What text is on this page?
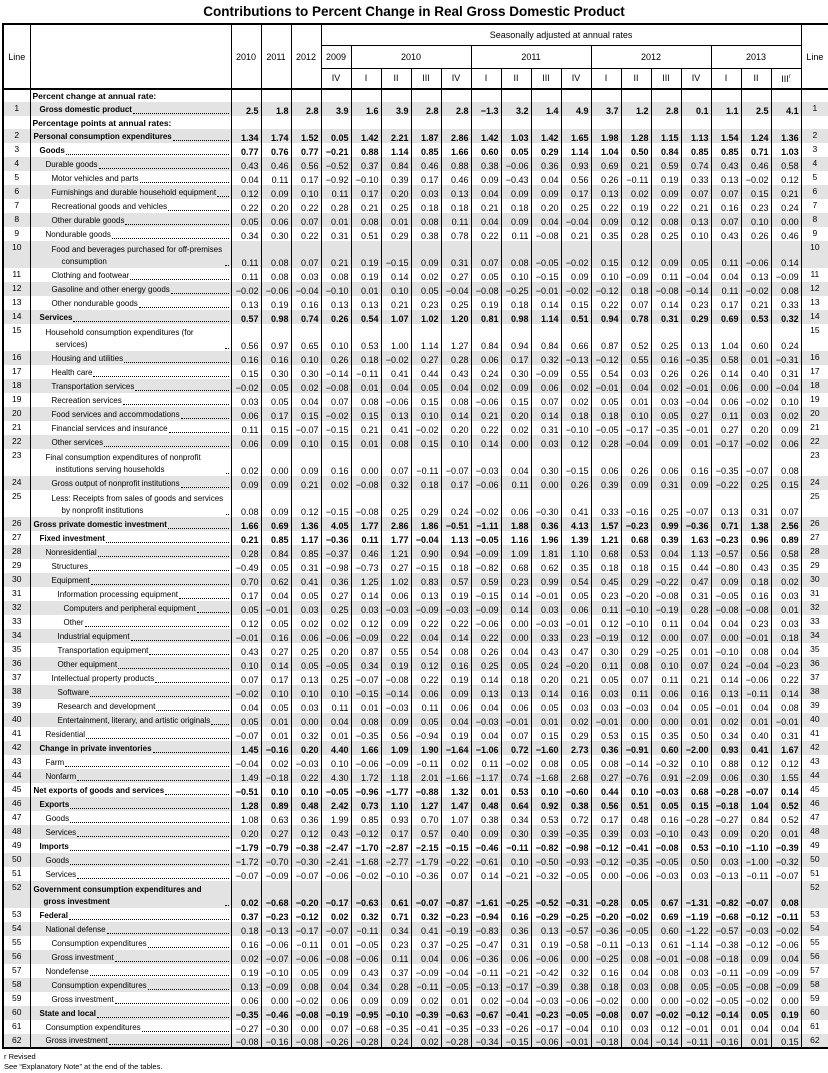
Contributions to Percent Change in Real Gross Domestic Product
Line		2010	2011	2012	Seasonally adjusted at annual rates																Line
					2009	2010				2011				2012				2013			
					IV	I	II	III	IV	I	II	III	IV	I	II	III	IV	I	II	III$^r$

	Percent change at annual rate:																				

1	Gross domestic product	2.5	1.8	2.8	3.9	1.6	3.9	2.8	2.8	−1.3	3.2	1.4	4.9	3.7	1.2	2.8	0.1	1.1	2.5	4.1	1

	Percentage points at annual rates:																				

2	Personal consumption expenditures	1.34	1.74	1.52	0.05	1.42	2.21	1.87	2.86	1.42	1.03	1.42	1.65	1.98	1.28	1.15	1.13	1.54	1.24	1.36	2
3	Goods	0.77	0.76	0.77	−0.21	0.88	1.14	0.85	1.66	0.60	0.05	0.29	1.14	1.04	0.50	0.84	0.85	0.85	0.71	1.03	3
4	Durable goods	0.43	0.46	0.56	−0.52	0.37	0.84	0.46	0.88	0.38	−0.06	0.36	0.93	0.69	0.21	0.59	0.74	0.43	0.46	0.58	4
5	Motor vehicles and parts	0.04	0.11	0.17	−0.92	−0.10	0.39	0.17	0.46	0.09	−0.43	0.04	0.56	0.26	−0.11	0.19	0.33	0.13	−0.02	0.12	5
6	Furnishings and durable household equipment	0.12	0.09	0.10	0.11	0.17	0.20	0.03	0.13	0.04	0.09	0.09	0.17	0.13	0.02	0.09	0.07	0.07	0.15	0.21	6
7	Recreational goods and vehicles	0.22	0.20	0.22	0.28	0.21	0.25	0.18	0.18	0.21	0.18	0.20	0.25	0.22	0.19	0.22	0.21	0.16	0.23	0.24	7
8	Other durable goods	0.05	0.06	0.07	0.01	0.08	0.01	0.08	0.11	0.04	0.09	0.04	−0.04	0.09	0.12	0.08	0.13	0.07	0.10	0.00	8
9	Nondurable goods	0.34	0.30	0.22	0.31	0.51	0.29	0.38	0.78	0.22	0.11	−0.08	0.21	0.35	0.28	0.25	0.10	0.43	0.26	0.46	9
10	Food and beverages purchased for off-premises consumption	0.11	0.08	0.07	0.21	0.19	−0.15	0.09	0.31	0.07	0.08	−0.05	−0.02	0.15	0.12	0.09	0.05	0.11	−0.06	0.14	10
11	Clothing and footwear	0.11	0.08	0.03	0.08	0.19	0.14	0.02	0.27	0.05	0.10	−0.15	0.09	0.10	−0.09	0.11	−0.04	0.04	0.13	−0.09	11
12	Gasoline and other energy goods	−0.02	−0.06	−0.04	−0.10	0.01	0.10	0.05	−0.04	−0.08	−0.25	−0.01	−0.02	−0.12	0.18	−0.08	−0.14	0.11	−0.02	0.08	12
13	Other nondurable goods	0.13	0.19	0.16	0.13	0.13	0.21	0.23	0.25	0.19	0.18	0.14	0.15	0.22	0.07	0.14	0.23	0.17	0.21	0.33	13
14	Services	0.57	0.98	0.74	0.26	0.54	1.07	1.02	1.20	0.81	0.98	1.14	0.51	0.94	0.78	0.31	0.29	0.69	0.53	0.32	14
15	Household consumption expenditures (for services)	0.56	0.97	0.65	0.10	0.53	1.00	1.14	1.27	0.84	0.94	0.84	0.66	0.87	0.52	0.25	0.13	1.04	0.60	0.24	15
16	Housing and utilities	0.16	0.16	0.10	0.26	0.18	−0.02	0.27	0.28	0.06	0.17	0.32	−0.13	−0.12	0.55	0.16	−0.35	0.58	0.01	−0.31	16
17	Health care	0.15	0.30	0.30	−0.14	−0.11	0.41	0.44	0.43	0.24	0.30	−0.09	0.55	0.54	0.03	0.26	0.26	0.14	0.40	0.31	17
18	Transportation services	−0.02	0.05	0.02	−0.08	0.01	0.04	0.05	0.04	0.02	0.09	0.06	0.02	−0.01	0.04	0.02	−0.01	0.06	0.00	−0.04	18
19	Recreation services	0.03	0.05	0.04	0.07	0.08	−0.06	0.15	0.08	−0.06	0.15	0.07	0.02	0.05	0.01	0.03	−0.04	0.06	−0.02	0.10	19
20	Food services and accommodations	0.06	0.17	0.15	−0.02	0.15	0.13	0.10	0.14	0.21	0.20	0.14	0.18	0.18	0.10	0.05	0.27	0.11	0.03	0.02	20
21	Financial services and insurance	0.11	0.15	−0.07	−0.15	0.21	0.41	−0.02	0.20	0.22	0.02	0.31	−0.10	−0.05	−0.17	−0.35	−0.01	0.27	0.20	0.09	21
22	Other services	0.06	0.09	0.10	0.15	0.01	0.08	0.15	0.10	0.14	0.00	0.03	0.12	0.28	−0.04	0.09	0.01	−0.17	−0.02	0.06	22
23	Final consumption expenditures of nonprofit institutions serving households	0.02	0.00	0.09	0.16	0.00	0.07	−0.11	−0.07	−0.03	0.04	0.30	−0.15	0.06	0.26	0.06	0.16	−0.35	−0.07	0.08	23
24	Gross output of nonprofit institutions	0.09	0.09	0.21	0.02	−0.08	0.32	0.18	0.17	−0.06	0.11	0.00	0.26	0.39	0.09	0.31	0.09	−0.22	0.25	0.15	24
25	Less: Receipts from sales of goods and services by nonprofit institutions	0.08	0.09	0.12	−0.15	−0.08	0.25	0.29	0.24	−0.02	0.06	−0.30	0.41	0.33	−0.16	0.25	−0.07	0.13	0.31	0.07	25
26	Gross private domestic investment	1.66	0.69	1.36	4.05	1.77	2.86	1.86	−0.51	−1.11	1.88	0.36	4.13	1.57	−0.23	0.99	−0.36	0.71	1.38	2.56	26
27	Fixed investment	0.21	0.85	1.17	−0.36	0.11	1.77	−0.04	1.13	−0.05	1.16	1.96	1.39	1.21	0.68	0.39	1.63	−0.23	0.96	0.89	27
28	Nonresidential	0.28	0.84	0.85	−0.37	0.46	1.21	0.90	0.94	−0.09	1.09	1.81	1.10	0.68	0.53	0.04	1.13	−0.57	0.56	0.58	28
29	Structures	−0.49	0.05	0.31	−0.98	−0.73	0.27	−0.15	0.18	−0.82	0.68	0.62	0.35	0.18	0.18	0.15	0.44	−0.80	0.43	0.35	29
30	Equipment	0.70	0.62	0.41	0.36	1.25	1.02	0.83	0.57	0.59	0.23	0.99	0.54	0.45	0.29	−0.22	0.47	0.09	0.18	0.02	30
31	Information processing equipment	0.17	0.04	0.05	0.27	0.14	0.06	0.13	0.19	−0.15	0.14	−0.01	0.05	0.23	−0.20	−0.08	0.31	−0.05	0.16	0.03	31
32	Computers and peripheral equipment	0.05	−0.01	0.03	0.25	0.03	−0.03	−0.09	−0.03	−0.09	0.14	0.03	0.06	0.11	−0.10	−0.19	0.28	−0.08	−0.08	0.01	32
33	Other	0.12	0.05	0.02	0.02	0.12	0.09	0.22	0.22	−0.06	0.00	−0.03	−0.01	0.12	−0.10	0.11	0.04	0.04	0.23	0.03	33
34	Industrial equipment	−0.01	0.16	0.06	−0.06	−0.09	0.22	0.04	0.14	0.22	0.00	0.33	0.23	−0.19	0.12	0.00	0.07	0.00	−0.01	0.18	34
35	Transportation equipment	0.43	0.27	0.25	0.20	0.87	0.55	0.54	0.08	0.26	0.04	0.43	0.47	0.30	0.29	−0.25	0.01	−0.10	0.08	0.04	35
36	Other equipment	0.10	0.14	0.05	−0.05	0.34	0.19	0.12	0.16	0.25	0.05	0.24	−0.20	0.11	0.08	0.10	0.07	0.24	−0.04	−0.23	36
37	Intellectual property products	0.07	0.17	0.13	0.25	−0.07	−0.08	0.22	0.19	0.14	0.18	0.20	0.21	0.05	0.07	0.11	0.21	0.14	−0.06	0.22	37
38	Software	−0.02	0.10	0.10	0.10	−0.15	−0.14	0.06	0.09	0.13	0.13	0.14	0.16	0.03	0.11	0.06	0.16	0.13	−0.11	0.14	38
39	Research and development	0.04	0.05	0.03	0.11	0.01	−0.03	0.11	0.06	0.04	0.06	0.05	0.03	0.03	−0.03	0.04	0.05	−0.01	0.04	0.08	39
40	Entertainment, literary, and artistic originals	0.05	0.01	0.00	0.04	0.08	0.09	0.05	0.04	−0.03	−0.01	0.01	0.02	−0.01	0.00	0.00	0.01	0.02	0.01	−0.01	40
41	Residential	−0.07	0.01	0.32	0.01	−0.35	0.56	−0.94	0.19	0.04	0.07	0.15	0.29	0.53	0.15	0.35	0.50	0.34	0.40	0.31	41
42	Change in private inventories	1.45	−0.16	0.20	4.40	1.66	1.09	1.90	−1.64	−1.06	0.72	−1.60	2.73	0.36	−0.91	0.60	−2.00	0.93	0.41	1.67	42
43	Farm	−0.04	0.02	−0.03	0.10	−0.06	−0.09	−0.11	0.02	0.11	−0.02	0.08	0.05	0.08	−0.14	−0.32	0.10	0.88	0.12	0.12	43
44	Nonfarm	1.49	−0.18	0.22	4.30	1.72	1.18	2.01	−1.66	−1.17	0.74	−1.68	2.68	0.27	−0.76	0.91	−2.09	0.06	0.30	1.55	44
45	Net exports of goods and services	−0.51	0.10	0.10	−0.05	−0.96	−1.77	−0.88	1.32	0.01	0.53	0.10	−0.60	0.44	0.10	−0.03	0.68	−0.28	−0.07	0.14	45
46	Exports	1.28	0.89	0.48	2.42	0.73	1.10	1.27	1.47	0.48	0.64	0.92	0.38	0.56	0.51	0.05	0.15	−0.18	1.04	0.52	46
47	Goods	1.08	0.63	0.36	1.99	0.85	0.93	0.70	1.07	0.38	0.34	0.53	0.72	0.17	0.48	0.16	−0.28	−0.27	0.84	0.52	47
48	Services	0.20	0.27	0.12	0.43	−0.12	0.17	0.57	0.40	0.09	0.30	0.39	−0.35	0.39	0.03	−0.10	0.43	0.09	0.20	0.01	48
49	Imports	−1.79	−0.79	−0.38	−2.47	−1.70	−2.87	−2.15	−0.15	−0.46	−0.11	−0.82	−0.98	−0.12	−0.41	−0.08	0.53	−0.10	−1.10	−0.39	49
50	Goods	−1.72	−0.70	−0.30	−2.41	−1.68	−2.77	−1.79	−0.22	−0.61	0.10	−0.50	−0.93	−0.12	−0.35	−0.05	0.50	0.03	−1.00	−0.32	50
51	Services	−0.07	−0.09	−0.07	−0.06	−0.02	−0.10	−0.36	0.07	0.14	−0.21	−0.32	−0.05	0.00	−0.06	−0.03	0.03	−0.13	−0.11	−0.07	51
52	Government consumption expenditures and gross investment	0.02	−0.68	−0.20	−0.17	−0.63	0.61	−0.07	−0.87	−1.61	−0.25	−0.52	−0.31	−0.28	0.05	0.67	−1.31	−0.82	−0.07	0.08	52
53	Federal	0.37	−0.23	−0.12	0.02	0.32	0.71	0.32	−0.23	−0.94	0.16	−0.29	−0.25	−0.20	−0.02	0.69	−1.19	−0.68	−0.12	−0.11	53
54	National defense	0.18	−0.13	−0.17	−0.07	−0.11	0.34	0.41	−0.19	−0.83	0.36	0.13	−0.57	−0.36	−0.05	0.60	−1.22	−0.57	−0.03	−0.02	54
55	Consumption expenditures	0.16	−0.06	−0.11	0.01	−0.05	0.23	0.37	−0.25	−0.47	0.31	0.19	−0.58	−0.11	−0.13	0.61	−1.14	−0.38	−0.12	−0.06	55
56	Gross investment	0.02	−0.07	−0.06	−0.08	−0.06	0.11	0.04	0.06	−0.36	0.06	−0.06	0.00	−0.25	0.08	−0.01	−0.08	−0.18	0.09	0.04	56
57	Nondefense	0.19	−0.10	0.05	0.09	0.43	0.37	−0.09	−0.04	−0.11	−0.21	−0.42	0.32	0.16	0.04	0.08	0.03	−0.11	−0.09	−0.09	57
58	Consumption expenditures	0.13	−0.09	0.08	0.04	0.34	0.28	−0.11	−0.05	−0.13	−0.17	−0.39	0.38	0.18	0.03	0.08	0.05	−0.05	−0.08	−0.09	58
59	Gross investment	0.06	0.00	−0.02	0.06	0.09	0.09	0.02	0.01	0.02	−0.04	−0.03	−0.06	−0.02	0.00	0.00	−0.02	−0.05	−0.02	0.00	59
60	State and local	−0.35	−0.46	−0.08	−0.19	−0.95	−0.10	−0.39	−0.63	−0.67	−0.41	−0.23	−0.05	−0.08	0.07	−0.02	−0.12	−0.14	0.05	0.19	60
61	Consumption expenditures	−0.27	−0.30	0.00	0.07	−0.68	−0.35	−0.41	−0.35	−0.33	−0.26	−0.17	−0.04	0.10	0.03	0.12	−0.01	0.01	0.04	0.04	61
62	Gross investment	−0.08	−0.16	−0.08	−0.26	−0.28	0.24	0.02	−0.28	−0.34	−0.15	−0.06	−0.01	−0.18	0.04	−0.14	−0.11	−0.16	0.01	0.15	62
r Revised
See “Explanatory Note” at the end of the tables.
